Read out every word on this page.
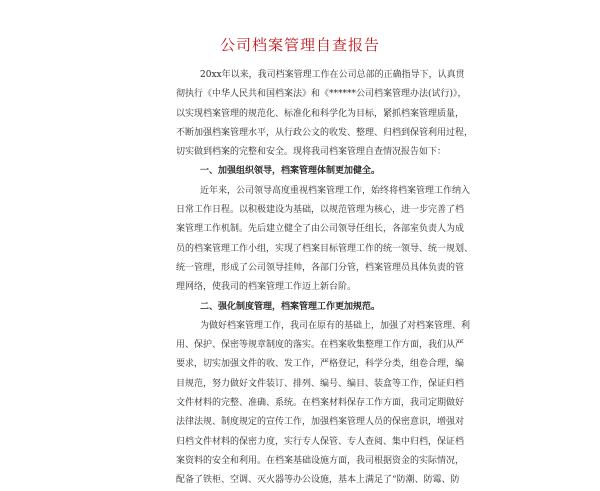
公司档案管理自查报告
20xx年以来，我司档案管理工作在公司总部的正确指导下，认真贯
彻执行《中华人民共和国档案法》和《******公司档案管理办法(试行)》，
以实现档案管理的规范化、标准化和科学化为目标，紧抓档案管理质量，
不断加强档案管理水平，从行政公文的收发、整理、归档到保管利用过程，
切实做到档案的完整和安全。现将我司档案管理自查情况报告如下：
一、加强组织领导，档案管理体制更加健全。
近年来，公司领导高度重视档案管理工作，始终将档案管理工作纳入
日常工作日程。以积极建设为基础，以规范管理为核心，进一步完善了档
案管理工作机制。先后建立健全了由公司领导任组长，各部室负责人为成
员的档案管理工作小组，实现了档案目标管理工作的统一领导、统一规划、
统一管理，形成了公司领导挂帅，各部门分管，档案管理员具体负责的管
理网络，使我司的档案管理工作迈上新台阶。
二、强化制度管理，档案管理工作更加规范。
为做好档案管理工作，我司在原有的基础上，加强了对档案管理、利
用、保护、保密等规章制度的落实。在档案收集整理工作方面，我们从严
要求，切实加强文件的收、发工作，严格登记，科学分类，组卷合理，编
目规范，努力做好文件装订、排列、编号、编目、装盒等工作，保证归档
文件材料的完整、准确、系统。在档案材料保存工作方面，我司定期做好
法律法规、制度规定的宣传工作，加强档案管理人员的保密意识，增强对
归档文件材料的保密力度，实行专人保管、专人查阅、集中归档，保证档
案资料的安全和利用。在档案基础设施方面，我司根据资金的实际情况，
配备了铁柜、空调、灭火器等办公设施，基本上满足了“防潮、防霉、防
